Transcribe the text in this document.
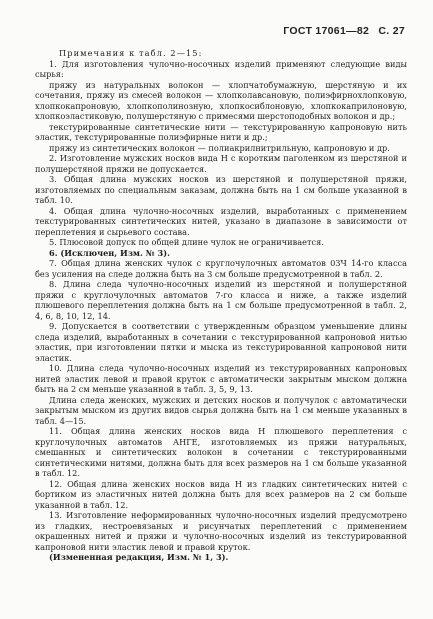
ГОСТ 17061—82 С. 27

Примечания к табл. 2—15:

1. Для изготовления чулочно-носочных изделий применяют следующие виды сырья:

пряжу из натуральных волокон — хлопчатобумажную, шерстяную и их сочетания, пряжу из смесей волокон — хлопколавсановую, полиэфирнохлопковую, хлопкокапроновую, хлопкополинозную, хлопкосиблоновую, хлопкокаприлоновую, хлопкоэластиковую, полушерстяную с примесями шерстоподобных волокон и др.;

текстурированные синтетические нити — текстурированную капроновую нить эластик, текстурированные полиэфирные нити и др.;

пряжу из синтетических волокон — полиакрилнитрильную, капроновую и др.

2. Изготовление мужских носков вида Н с коротким паголенком из шерстяной и полушерстяной пряжи не допускается.

3. Общая длина мужских носков из шерстяной и полушерстяной пряжи, изготовляемых по специальным заказам, должна быть на 1 см больше указанной в табл. 10.

4. Общая длина чулочно-носочных изделий, выработанных с применением текстурированных синтетических нитей, указано в диапазоне в зависимости от переплетения и сырьевого состава.

5. Плюсовой допуск по общей длине чулок не ограничивается.

6. (Исключен, Изм. № 3).

7. Общая длина женских чулок с круглочулочных автоматов 03Ч 14-го класса без усиления на следе должна быть на 3 см больше предусмотренной в табл. 2.

8. Длина следа чулочно-носочных изделий из шерстяной и полушерстяной пряжи с круглочулочных автоматов 7-го класса и ниже, а также изделий плюшевого переплетения должна быть на 1 см больше предусмотренной в табл. 2, 4, 6, 8, 10, 12, 14.

9. Допускается в соответствии с утвержденным образцом уменьшение длины следа изделий, выработанных в сочетании с текстурированной капроновой нитью эластик, при изготовлении пятки и мыска из текстурированной капроновой нити эластик.

10. Длина следа чулочно-носочных изделий из текстурированных капроновых нитей эластик левой и правой круток с автоматически закрытым мыском должна быть на 2 см меньше указанной в табл. 3, 5, 9, 13.

Длина следа женских, мужских и детских носков и получулок с автоматически закрытым мыском из других видов сырья должна быть на 1 см меньше указанных в табл. 4—15.

11. Общая длина женских носков вида Н плюшевого переплетения с круглочулочных автоматов АНГЕ, изготовляемых из пряжи натуральных, смешанных и синтетических волокон в сочетании с текстурированными синтетическими нитями, должна быть для всех размеров на 1 см больше указанной в табл. 12.

12. Общая длина женских носков вида Н из гладких синтетических нитей с бортиком из эластичных нитей должна быть для всех размеров на 2 см больше указанной в табл. 12.

13. Изготовление неформированных чулочно-носочных изделий предусмотрено из гладких, нестроевязаных и рисунчатых переплетений с применением окрашенных нитей и пряжи и чулочно-носочных изделий из текстурированной капроновой нити эластик левой и правой круток.

(Измененная редакция, Изм. № 1, 3).
